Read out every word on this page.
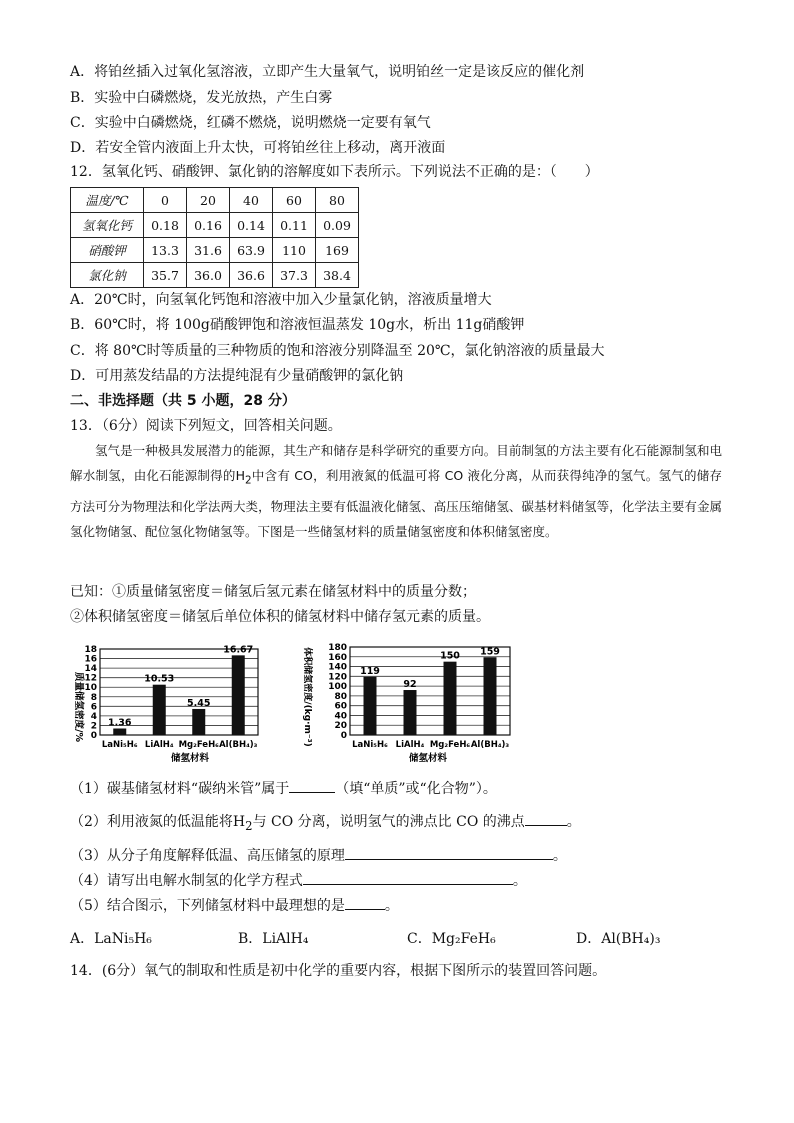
A．将铂丝插入过氧化氢溶液，立即产生大量氧气，说明铂丝一定是该反应的催化剂
B．实验中白磷燃烧，发光放热，产生白雾
C．实验中白磷燃烧，红磷不燃烧，说明燃烧一定要有氧气
D．若安全管内液面上升太快，可将铂丝往上移动，离开液面
12．氢氧化钙、硝酸钾、氯化钠的溶解度如下表所示。下列说法不正确的是：（　　）
温度/℃	0	20	40	60	80
氢氧化钙	0.18	0.16	0.14	0.11	0.09
硝酸钾	13.3	31.6	63.9	110	169
氯化钠	35.7	36.0	36.6	37.3	38.4
A．20℃时，向氢氧化钙饱和溶液中加入少量氯化钠，溶液质量增大
B．60℃时，将 100g硝酸钾饱和溶液恒温蒸发 10g水，析出 11g硝酸钾
C．将 80℃时等质量的三种物质的饱和溶液分别降温至 20℃，氯化钠溶液的质量最大
D．可用蒸发结晶的方法提纯混有少量硝酸钾的氯化钠
二、非选择题（共 5 小题，28 分）
13．（6分）阅读下列短文，回答相关问题。

氢气是一种极具发展潜力的能源，其生产和储存是科学研究的重要方向。目前制氢的方法主要有化石能源制氢和电解水制氢，由化石能源制得的$H_2$中含有 CO，利用液氮的低温可将 CO 液化分离，从而获得纯净的氢气。氢气的储存方法可分为物理法和化学法两大类，物理法主要有低温液化储氢、高压压缩储氢、碳基材料储氢等，化学法主要有金属氢化物储氢、配位氢化物储氢等。下图是一些储氢材料的质量储氢密度和体积储氢密度。

已知：①质量储氢密度＝储氢后氢元素在储氢材料中的质量分数；
②体积储氢密度＝储氢后单位体积的储氢材料中储存氢元素的质量。
0
2
4
6
8
10
12
14
16
18
1.36
10.53
5.45
16.67
LaNi₅H₆ LiAlH₄ Mg₂FeH₆ Al(BH₄)₃
质量储氢密度/%
储氢材料
0
20
40
60
80
100
120
140
160
180
119
92
150 159
LaNi₅H₆ LiAlH₄ Mg₂FeH₆ Al(BH₄)₃
体积储氢密度/(kg·m⁻³)
储氢材料
（1）碳基储氢材料“碳纳米管”属于	（填“单质”或“化合物”）。
（2）利用液氮的低温能将$H_2$与 CO 分离，说明氢气的沸点比 CO 的沸点	。
（3）从分子角度解释低温、高压储氢的原理	。
（4）请写出电解水制氢的化学方程式	。
（5）结合图示，下列储氢材料中最理想的是	。
A．LaNi₅H₆	B．LiAlH₄	C．Mg₂FeH₆	D．Al(BH₄)₃
14．(6分）氧气的制取和性质是初中化学的重要内容，根据下图所示的装置回答问题。
